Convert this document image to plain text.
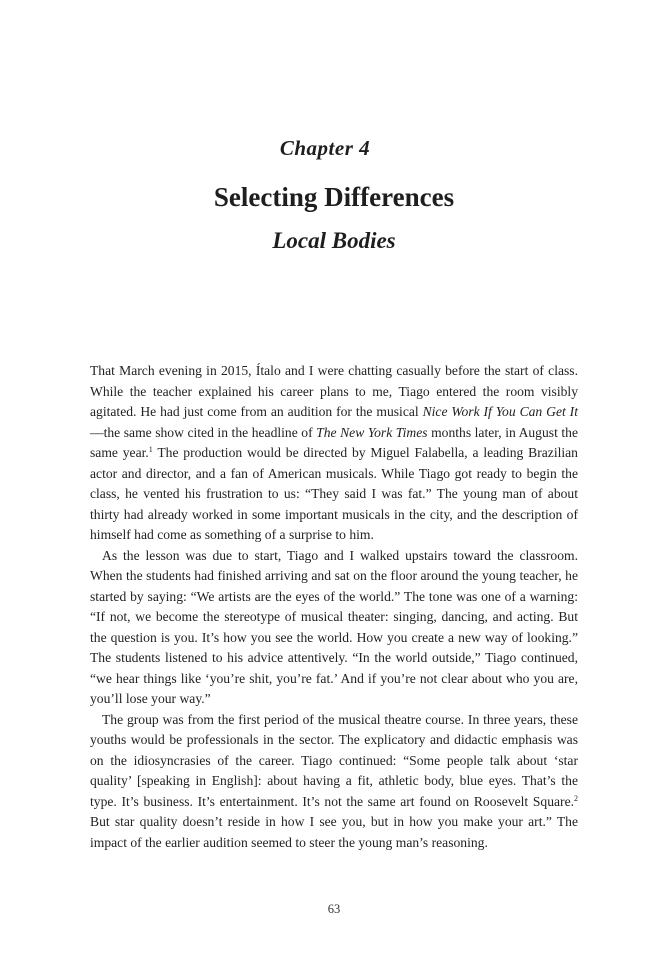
Chapter 4
Selecting Differences
Local Bodies

That March evening in 2015, Ítalo and I were chatting casually before the start of class. While the teacher explained his career plans to me, Tiago entered the room visibly agitated. He had just come from an audition for the musical Nice Work If You Can Get It—the same show cited in the headline of The New York Times months later, in August the same year.$^1$ The production would be directed by Miguel Falabella, a leading Brazilian actor and director, and a fan of American musicals. While Tiago got ready to begin the class, he vented his frustration to us: “They said I was fat.” The young man of about thirty had already worked in some important musicals in the city, and the description of himself had come as something of a surprise to him.

As the lesson was due to start, Tiago and I walked upstairs toward the classroom. When the students had finished arriving and sat on the floor around the young teacher, he started by saying: “We artists are the eyes of the world.” The tone was one of a warning: “If not, we become the stereotype of musical theater: singing, dancing, and acting. But the question is you. It’s how you see the world. How you create a new way of looking.” The students listened to his advice attentively. “In the world outside,” Tiago continued, “we hear things like ‘you’re shit, you’re fat.’ And if you’re not clear about who you are, you’ll lose your way.”

The group was from the first period of the musical theatre course. In three years, these youths would be professionals in the sector. The explicatory and didactic emphasis was on the idiosyncrasies of the career. Tiago continued: “Some people talk about ‘star quality’ [speaking in English]: about having a fit, athletic body, blue eyes. That’s the type. It’s business. It’s entertainment. It’s not the same art found on Roosevelt Square.$^2$ But star quality doesn’t reside in how I see you, but in how you make your art.” The impact of the earlier audition seemed to steer the young man’s reasoning.

63
